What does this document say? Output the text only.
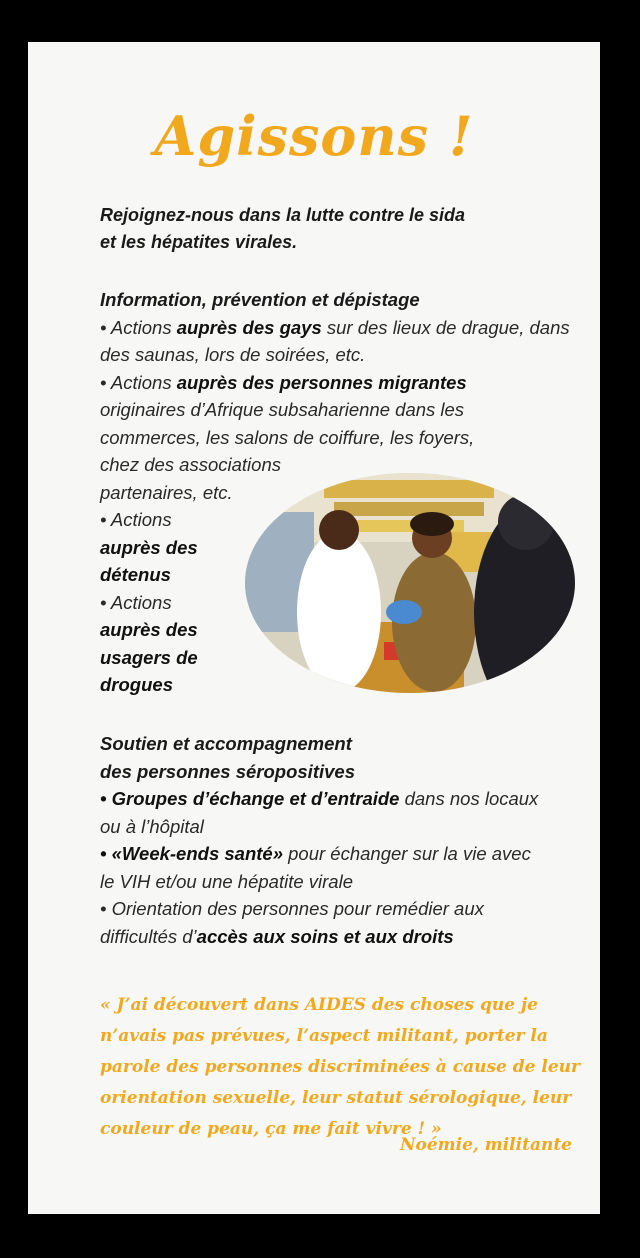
Agissons !
Rejoignez-nous dans la lutte contre le sida
et les hépatites virales.

Information, prévention et dépistage

• Actions auprès des gays sur des lieux de drague, dans des saunas, lors de soirées, etc.

• Actions auprès des personnes migrantes

originaires d’Afrique subsaharienne dans les

commerces, les salons de coiffure, les foyers,

chez des associations

partenaires, etc.

• Actions

auprès des

détenus

• Actions

auprès des

usagers de

drogues

Soutien et accompagnement

des personnes séropositives

• Groupes d’échange et d’entraide dans nos locaux

ou à l’hôpital

• «Week-ends santé» pour échanger sur la vie avec

le VIH et/ou une hépatite virale

• Orientation des personnes pour remédier aux

difficultés d’accès aux soins et aux droits

« J’ai découvert dans AIDES des choses que je
n’avais pas prévues, l’aspect militant, porter la
parole des personnes discriminées à cause de leur
orientation sexuelle, leur statut sérologique, leur
couleur de peau, ça me fait vivre ! »
Noémie, militante
